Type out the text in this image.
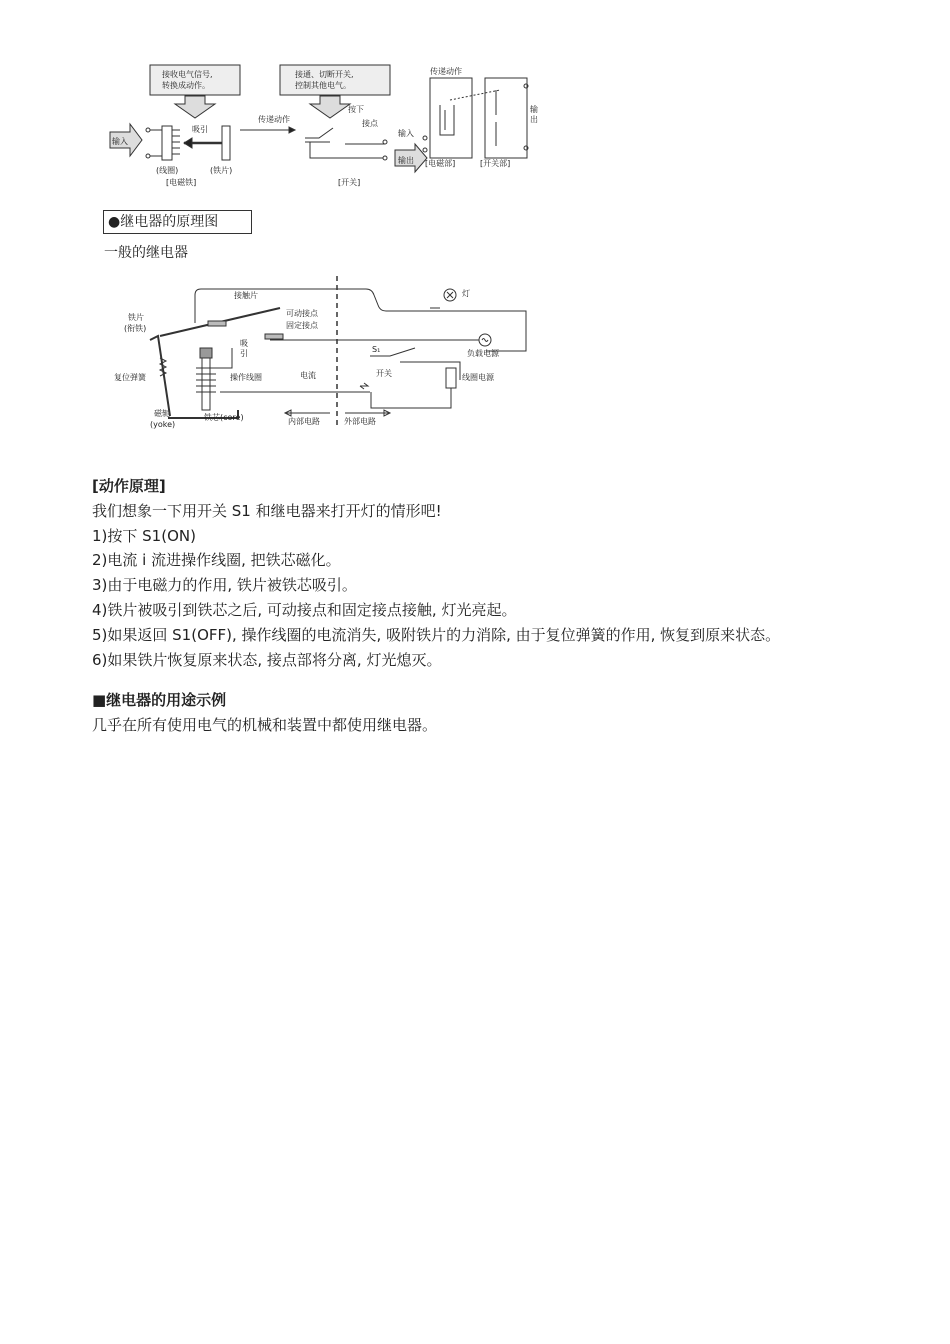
接收电气信号,
转换成动作。
接通、切断开关,
控制其他电气。
输入
吸引
(线圈)	(铁片)
[电磁铁]
传递动作
按下
接点
[开关]
传递动作
输
出
输入
输出 [电磁部]	[开关部]
●继电器的原理图
一般的继电器
接触片
可动接点
固定接点
铁片
(衔铁)
吸
引
复位弹簧	操作线圈	电流
S₁
开关
灯
负载电源
线圈电源
磁轭
(yoke)
铁芯(core)	内部电路	外部电路

[动作原理]

我们想象一下用开关 S1 和继电器来打开灯的情形吧!

1)按下 S1(ON)

2)电流 i 流进操作线圈, 把铁芯磁化。

3)由于电磁力的作用, 铁片被铁芯吸引。

4)铁片被吸引到铁芯之后, 可动接点和固定接点接触, 灯光亮起。

5)如果返回 S1(OFF), 操作线圈的电流消失, 吸附铁片的力消除, 由于复位弹簧的作用, 恢复到原来状态。

6)如果铁片恢复原来状态, 接点部将分离, 灯光熄灭。

■继电器的用途示例

几乎在所有使用电气的机械和装置中都使用继电器。
